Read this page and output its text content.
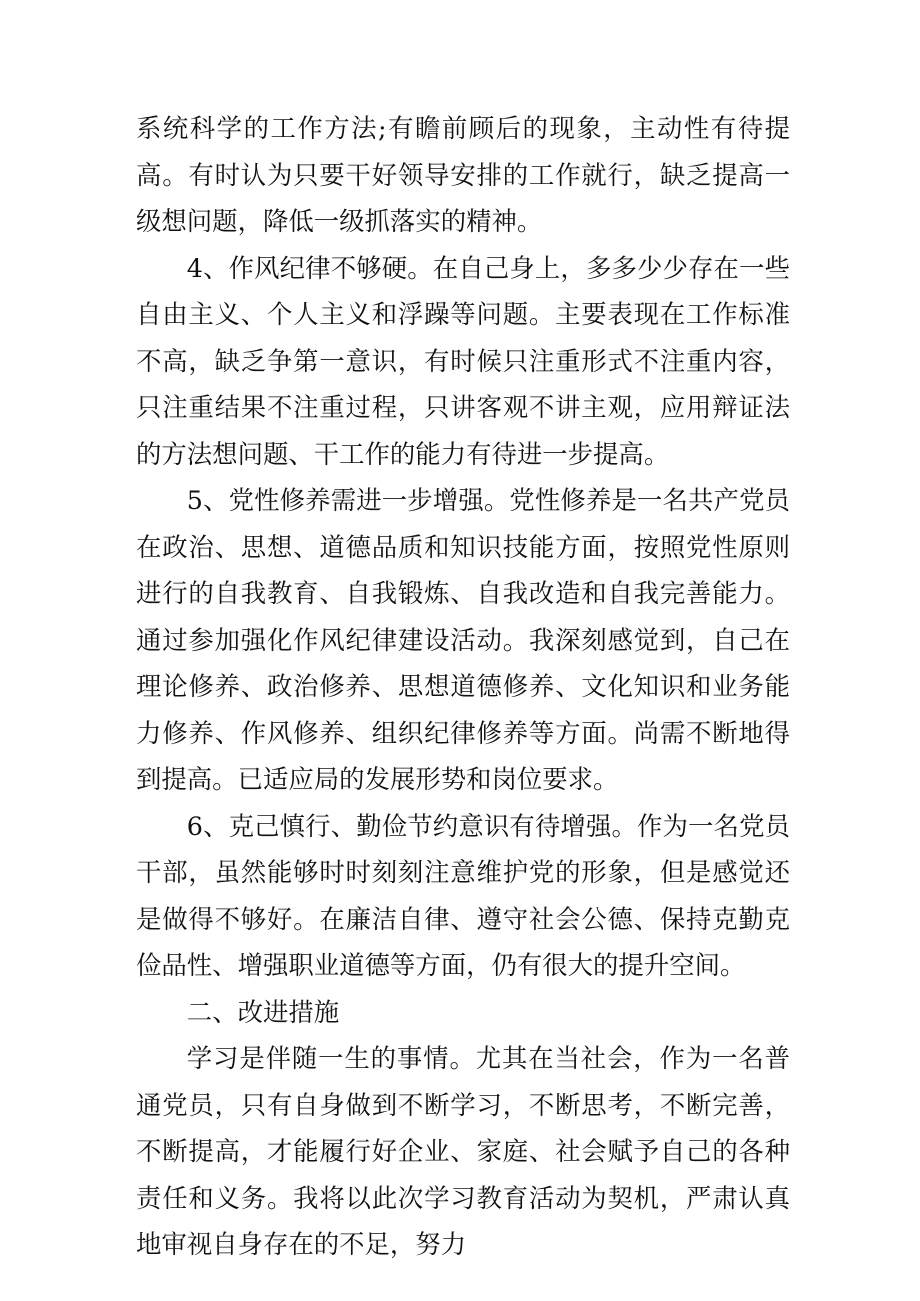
系统科学的工作方法;有瞻前顾后的现象，主动性有待提高。有时认为只要干好领导安排的工作就行，缺乏提高一级想问题，降低一级抓落实的精神。

4、作风纪律不够硬。在自己身上，多多少少存在一些自由主义、个人主义和浮躁等问题。主要表现在工作标准不高，缺乏争第一意识，有时候只注重形式不注重内容，只注重结果不注重过程，只讲客观不讲主观，应用辩证法的方法想问题、干工作的能力有待进一步提高。

5、党性修养需进一步增强。党性修养是一名共产党员在政治、思想、道德品质和知识技能方面，按照党性原则进行的自我教育、自我锻炼、自我改造和自我完善能力。通过参加强化作风纪律建设活动。我深刻感觉到，自己在理论修养、政治修养、思想道德修养、文化知识和业务能力修养、作风修养、组织纪律修养等方面。尚需不断地得到提高。已适应局的发展形势和岗位要求。

6、克己慎行、勤俭节约意识有待增强。作为一名党员干部，虽然能够时时刻刻注意维护党的形象，但是感觉还是做得不够好。在廉洁自律、遵守社会公德、保持克勤克俭品性、增强职业道德等方面，仍有很大的提升空间。

二、改进措施

学习是伴随一生的事情。尤其在当社会，作为一名普通党员，只有自身做到不断学习，不断思考，不断完善，不断提高，才能履行好企业、家庭、社会赋予自己的各种责任和义务。我将以此次学习教育活动为契机，严肃认真地审视自身存在的不足，努力
